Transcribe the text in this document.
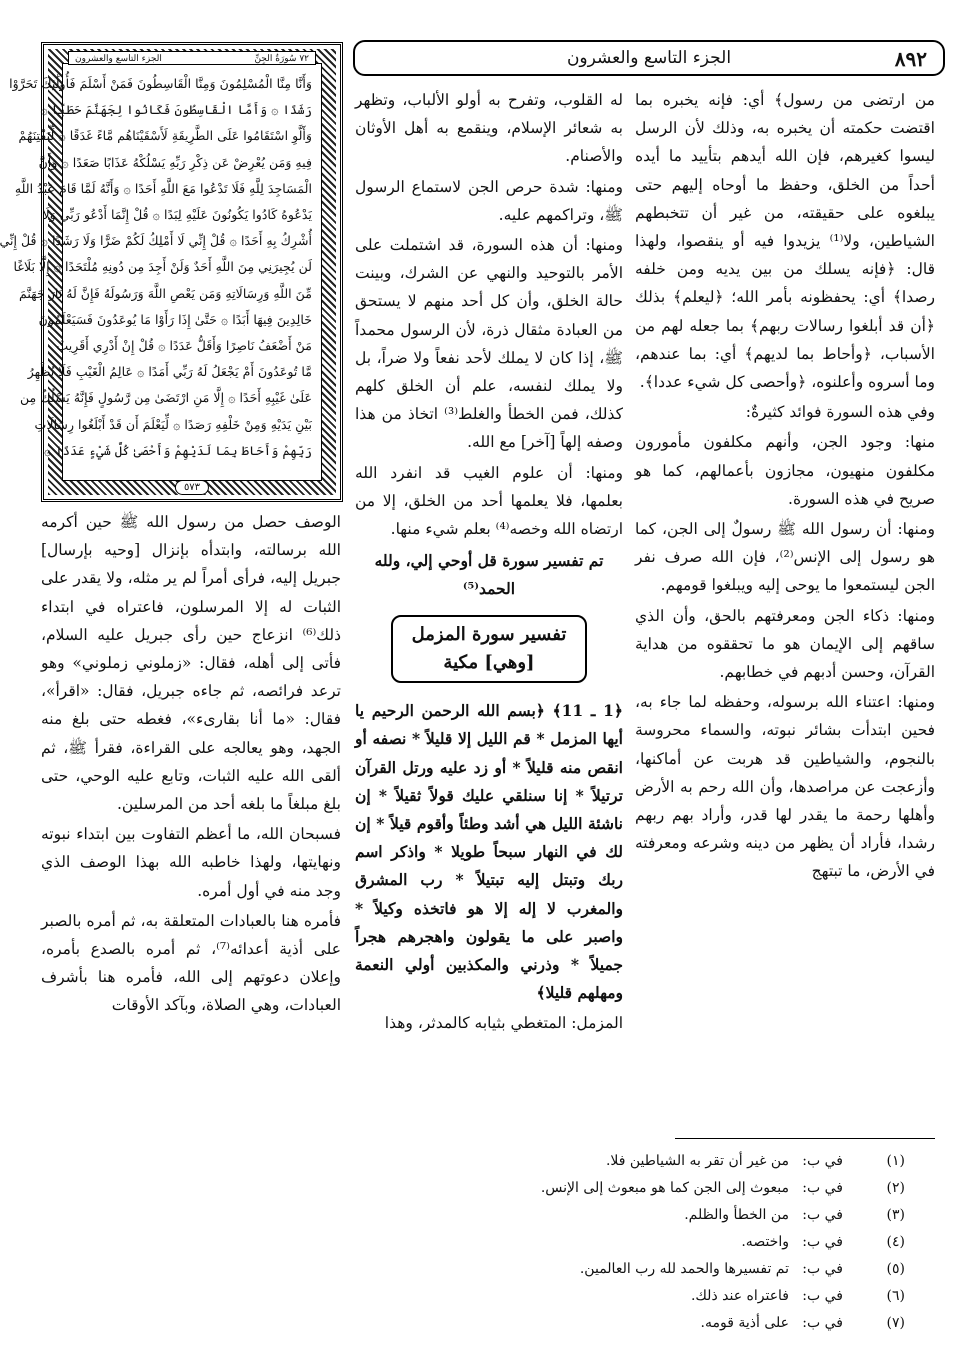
٨٩٢
الجزء التاسع والعشرون
٧٢ سُورَةُ الجِنِّ
الجزء التاسع والعشرون
وَأَنَّا مِنَّا الْمُسْلِمُونَ وَمِنَّا الْقَاسِطُونَ فَمَنْ أَسْلَمَ فَأُولَٰئِكَ تَحَرَّوْا
رَشَدًا ۞ وَأَمَّا الْقَاسِطُونَ فَكَانُوا لِجَهَنَّمَ حَطَبًا ۞
وَأَلَّوِ اسْتَقَامُوا عَلَى الطَّرِيقَةِ لَأَسْقَيْنَاهُم مَّاءً غَدَقًا ۞ لِّنَفْتِنَهُمْ
فِيهِ وَمَن يُعْرِضْ عَن ذِكْرِ رَبِّهِ يَسْلُكْهُ عَذَابًا صَعَدًا ۞ وَأَنَّ
الْمَسَاجِدَ لِلَّهِ فَلَا تَدْعُوا مَعَ اللَّهِ أَحَدًا ۞ وَأَنَّهُ لَمَّا قَامَ عَبْدُ اللَّهِ
يَدْعُوهُ كَادُوا يَكُونُونَ عَلَيْهِ لِبَدًا ۞ قُلْ إِنَّمَا أَدْعُو رَبِّي وَلَا
أُشْرِكُ بِهِ أَحَدًا ۞ قُلْ إِنِّي لَا أَمْلِكُ لَكُمْ ضَرًّا وَلَا رَشَدًا ۞ قُلْ إِنِّي
لَن يُجِيرَنِي مِنَ اللَّهِ أَحَدٌ وَلَنْ أَجِدَ مِن دُونِهِ مُلْتَحَدًا ۞ إِلَّا بَلَاغًا
مِّنَ اللَّهِ وَرِسَالَاتِهِ وَمَن يَعْصِ اللَّهَ وَرَسُولَهُ فَإِنَّ لَهُ نَارَ جَهَنَّمَ
خَالِدِينَ فِيهَا أَبَدًا ۞ حَتَّىٰ إِذَا رَأَوْا مَا يُوعَدُونَ فَسَيَعْلَمُونَ
مَنْ أَضْعَفُ نَاصِرًا وَأَقَلُّ عَدَدًا ۞ قُلْ إِنْ أَدْرِي أَقَرِيبٌ
مَّا تُوعَدُونَ أَمْ يَجْعَلُ لَهُ رَبِّي أَمَدًا ۞ عَالِمُ الْغَيْبِ فَلَا يُظْهِرُ
عَلَىٰ غَيْبِهِ أَحَدًا ۞ إِلَّا مَنِ ارْتَضَىٰ مِن رَّسُولٍ فَإِنَّهُ يَسْلُكُ مِن
بَيْنِ يَدَيْهِ وَمِنْ خَلْفِهِ رَصَدًا ۞ لِّيَعْلَمَ أَن قَدْ أَبْلَغُوا رِسَالَاتِ
رَبِّهِمْ وَأَحَاطَ بِمَا لَدَيْهِمْ وَأَحْصَىٰ كُلَّ شَيْءٍ عَدَدًا ۞
٥٧٣

من ارتضى من رسول﴾ أي: فإنه يخبره بما اقتضت حكمته أن يخبره به، وذلك لأن الرسل ليسوا كغيرهم، فإن الله أيدهم بتأييد ما أيده أحداً من الخلق، وحفظ ما أوحاه إليهم حتى يبلغوه على حقيقته، من غير أن تتخبطهم الشياطين، ولا⁽¹⁾ يزيدوا فيه أو ينقصوا، ولهذا قال: ﴿فإنه يسلك من بين يديه ومن خلفه رصدا﴾ أي: يحفظونه بأمر الله؛ ﴿ليعلم﴾ بذلك ﴿أن قد أبلغوا رسالات ربهم﴾ بما جعله لهم من الأسباب، ﴿وأحاط بما لديهم﴾ أي: بما عندهم، وما أسروه وأعلنوه، ﴿وأحصى كل شيء عددا﴾.

وفي هذه السورة فوائد كثيرةٌ:

منها: وجود الجن، وأنهم مكلفون مأمورون مكلفون منهيون، مجازون بأعمالهم، كما هو صريح في هذه السورة.

ومنها: أن رسول الله ﷺ رسولٌ إلى الجن، كما هو رسول إلى الإنس⁽²⁾، فإن الله صرف نفر الجن ليستمعوا ما يوحى إليه ويبلغوا قومهم.

ومنها: ذكاء الجن ومعرفتهم بالحق، وأن الذي ساقهم إلى الإيمان هو ما تحققوه من هداية القرآن، وحسن أدبهم في خطابهم.

ومنها: اعتناء الله برسوله، وحفظه لما جاء به، فحين ابتدأت بشائر نبوته، والسماء محروسة بالنجوم، والشياطين قد هربت عن أماكنها، وأزعجت عن مراصدها، وأن الله رحم به الأرض وأهلها رحمة ما يقدر لها قدر، وأراد بهم ربهم رشدا، فأراد أن يظهر من دينه وشرعه ومعرفته في الأرض، ما تبتهج

له القلوب، وتفرح به أولو الألباب، وتظهر به شعائر الإسلام، وينقمع به أهل الأوثان والأصنام.

ومنها: شدة حرص الجن لاستماع الرسول ﷺ، وتراكمهم عليه.

ومنها: أن هذه السورة، قد اشتملت على الأمر بالتوحيد والنهي عن الشرك، وبينت حالة الخلق، وأن كل أحد منهم لا يستحق من العبادة مثقال ذرة، لأن الرسول محمداً ﷺ، إذا كان لا يملك لأحد نفعاً ولا ضراً، بل ولا يملك لنفسه، علم أن الخلق كلهم كذلك، فمن الخطأ والغلط⁽³⁾ اتخاذ من هذا وصفه إلهاً [آخر] مع الله.

ومنها: أن علوم الغيب قد انفرد الله بعلمها، فلا يعلمها أحد من الخلق، إلا من ارتضاه الله وخصه⁽⁴⁾ بعلم شيء منها.

تم تفسير سورة قل أوحي إلي، ولله الحمد⁽⁵⁾

تفسير سورة المزمل
[وهي] مكية

﴿1 ـ 11﴾ ﴿بسم الله الرحمن الرحيم يا أيها المزمل * قم الليل إلا قليلاً * نصفه أو انقص منه قليلاً * أو زد عليه ورتل القرآن ترتيلاً * إنا سنلقي عليك قولاً ثقيلاً * إن ناشئة الليل هي أشد وطئاً وأقوم قيلاً * إن لك في النهار سبحاً طويلا * واذكر اسم ربك وتبتل إليه تبتيلاً * رب المشرق والمغرب لا إله إلا هو فاتخذه وكيلاً * واصبر على ما يقولون واهجرهم هجراً جميلاً * وذرني والمكذبين أولي النعمة ومهلهم قليلا﴾

المزمل: المتغطي بثيابه كالمدثر، وهذا

الوصف حصل من رسول الله ﷺ حين أكرمه الله برسالته، وابتدأه بإنزال [وحيه بإرسال] جبريل إليه، فرأى أمراً لم ير مثله، ولا يقدر على الثبات له إلا المرسلون، فاعتراه في ابتداء ذلك⁽⁶⁾ انزعاج حين رأى جبريل عليه السلام، فأتى إلى أهله، فقال: «زملوني زملوني» وهو ترعد فرائصه، ثم جاءه جبريل، فقال: «اقرأ»، فقال: «ما أنا بقارىء»، فغطه حتى بلغ منه الجهد، وهو يعالجه على القراءة، فقرأ ﷺ، ثم ألقى الله عليه الثبات، وتابع عليه الوحي، حتى بلغ مبلغاً ما بلغه أحد من المرسلين.

فسبحان الله، ما أعظم التفاوت بين ابتداء نبوته ونهايتها، ولهذا خاطبه الله بهذا الوصف الذي وجد منه في أول أمره.

فأمره هنا بالعبادات المتعلقة به، ثم أمره بالصبر على أذية أعدائه⁽⁷⁾، ثم أمره بالصدع بأمره، وإعلان دعوتهم إلى الله، فأمره هنا بأشرف العبادات، وهي الصلاة، وبآكد الأوقات

(١)
في ب:
من غير أن تقر به الشياطين فلا.
(٢)
في ب:
مبعوث إلى الجن كما هو مبعوث إلى الإنس.
(٣)
في ب:
من الخطأ والظلم.
(٤)
في ب:
واختصه.
(٥)
في ب:
تم تفسيرها والحمد لله رب العالمين.
(٦)
في ب:
فاعتراه عند ذلك.
(٧)
في ب:
على أذية قومه.
